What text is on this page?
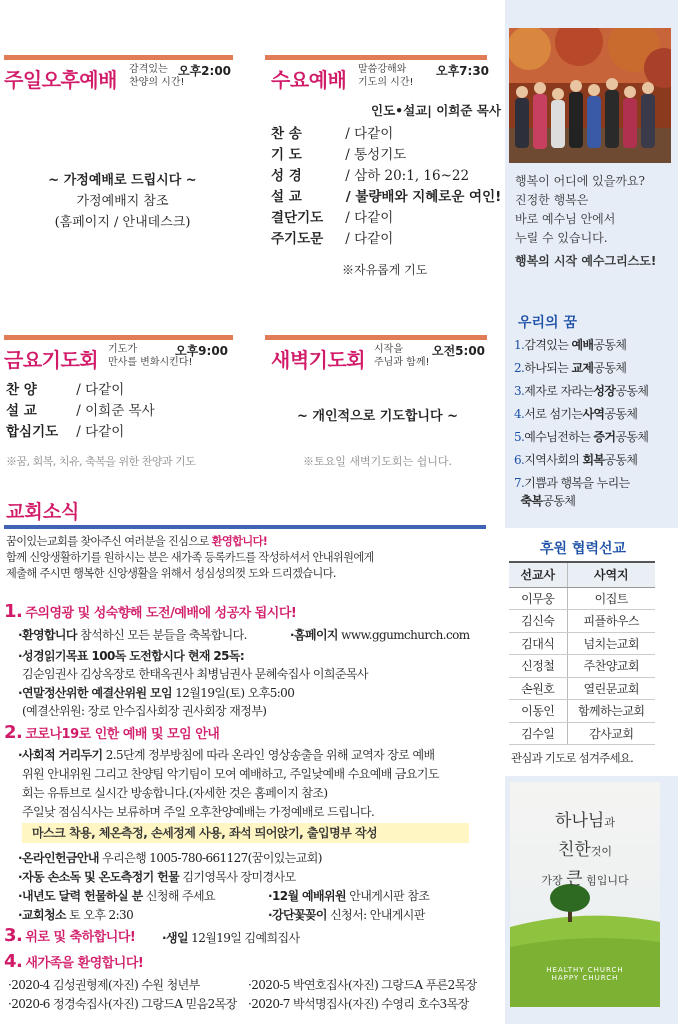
주일오후예배 감격있는
찬양의 시간!
오후2:00
~ 가정예배로 드립시다 ~
가정예배지 참조
(홈페이지 / 안내데스크)
수요예배 말씀강해와
기도의 시간!
오후7:30
인도•설교| 이희준 목사
찬 송	/ 다같이
기 도	/ 통성기도
성 경	/ 삼하 20:1, 16~22
설 교	/ 불량배와 지혜로운 여인!
결단기도 / 다같이
주기도문 / 다같이
※자유롭게 기도
금요기도회 기도가
만사를 변화시킨다!
오후9:00
찬 양	/ 다같이
설 교	/ 이희준 목사
합심기도 / 다같이
※꿈, 회복, 치유, 축복을 위한 찬양과 기도
새벽기도회 시작을
주님과 함께!
오전5:00
~ 개인적으로 기도합니다 ~
※토요일 새벽기도회는 쉽니다.
교회소식
꿈이있는교회를 찾아주신 여러분을 진심으로 환영합니다!
함께 신앙생활하기를 원하시는 분은 새가족 등록카드를 작성하셔서 안내위원에게
제출해 주시면 행복한 신앙생활을 위해서 성심성의껏 도와 드리겠습니다.
1. 주의영광 및 성숙향해 도전/예배에 성공자 됩시다!
·환영합니다 참석하신 모든 분들을 축복합니다.	·홈페이지 www.ggumchurch.com
·성경읽기목표 100독 도전합시다 현재 25독:
김순임권사 김상옥장로 한태옥권사 최병님권사 문혜숙집사 이희준목사
·연말정산위한 예결산위원 모임 12월19일(토) 오후5:00
(예결산위원: 장로 안수집사회장 권사회장 재정부)
2. 코로나19로 인한 예배 및 모임 안내
·사회적 거리두기 2.5단계 정부방침에 따라 온라인 영상송출을 위해 교역자 장로 예배
위원 안내위원 그리고 찬양팀 악기팀이 모여 예배하고, 주일낮예배 수요예배 금요기도
회는 유튜브로 실시간 방송합니다.(자세한 것은 홈페이지 참조)
주일낮 점심식사는 보류하며 주일 오후찬양예배는 가정예배로 드립니다.
마스크 착용, 체온측정, 손세정제 사용, 좌석 띄어앉기, 출입명부 작성
·온라인헌금안내 우리은행 1005-780-661127(꿈이있는교회)
·자동 손소독 및 온도측정기 헌물 김기영목사 장미경사모
·내년도 달력 헌물하실 분 신청해 주세요	·12월 예배위원 안내게시판 참조
·교회청소 토 오후 2:30	·강단꽃꽂이 신청서: 안내게시판
3. 위로 및 축하합니다! ·생일 12월19일 김예희집사
4. 새가족을 환영합니다!
·2020-4 김성권형제(자진) 수원 청년부	·2020-5 박연호집사(자진) 그랑드A 푸른2목장
·2020-6 정경숙집사(자진) 그랑드A 믿음2목장 ·2020-7 박석명집사(자진) 수영리 호수3목장
행복이 어디에 있을까요?
진정한 행복은
바로 예수님 안에서
누릴 수 있습니다.
행복의 시작 예수그리스도!
우리의 꿈
1.감격있는 예배공동체
2.하나되는 교제공동체
3.제자로 자라는성장공동체
4.서로 섬기는사역공동체
5.예수님전하는 증거공동체
6.지역사회의 회복공동체
7.기쁨과 행복을 누리는
축복공동체
후원 협력선교
선교사	사역지
이무웅	이집트
김신숙	피플하우스
김대식	넘치는교회
신정철	주찬양교회
손원호	열린문교회
이동인	함께하는교회
김수일	감사교회
관심과 기도로 섬겨주세요.
하나님과
친한것이
가장 큰 힘입니다
HEALTHY CHURCH
HAPPY CHURCH
